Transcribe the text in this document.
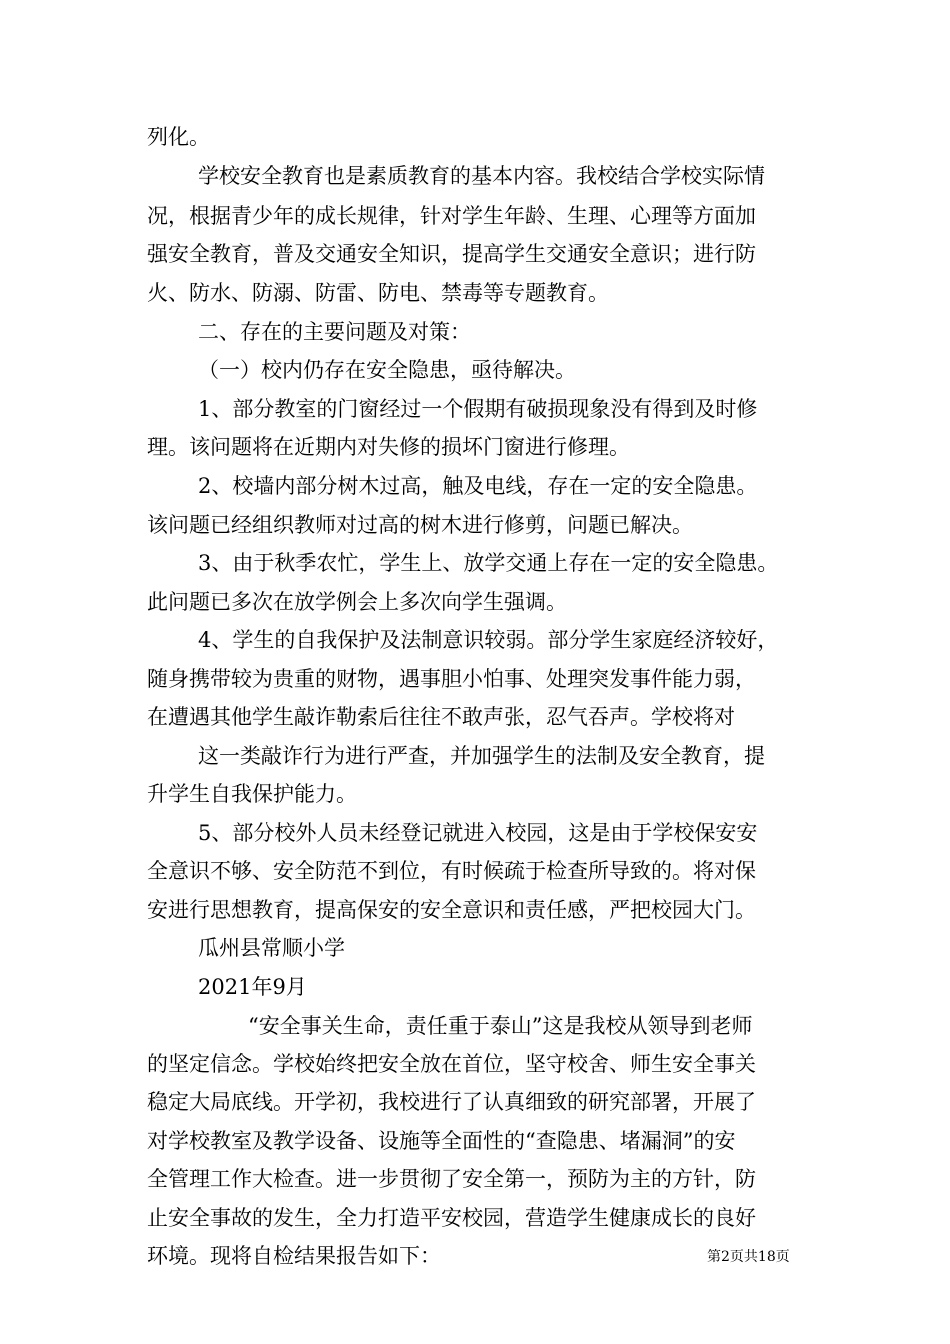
列化。
学校安全教育也是素质教育的基本内容。我校结合学校实际情
况，根据青少年的成长规律，针对学生年龄、生理、心理等方面加
强安全教育，普及交通安全知识，提高学生交通安全意识；进行防
火、防水、防溺、防雷、防电、禁毒等专题教育。
二、存在的主要问题及对策：
（一）校内仍存在安全隐患，亟待解决。
1、部分教室的门窗经过一个假期有破损现象没有得到及时修
理。该问题将在近期内对失修的损坏门窗进行修理。
2、校墙内部分树木过高，触及电线，存在一定的安全隐患。
该问题已经组织教师对过高的树木进行修剪，问题已解决。
3、由于秋季农忙，学生上、放学交通上存在一定的安全隐患。
此问题已多次在放学例会上多次向学生强调。
4、学生的自我保护及法制意识较弱。部分学生家庭经济较好，
随身携带较为贵重的财物，遇事胆小怕事、处理突发事件能力弱，
在遭遇其他学生敲诈勒索后往往不敢声张，忍气吞声。学校将对
这一类敲诈行为进行严查，并加强学生的法制及安全教育，提
升学生自我保护能力。
5、部分校外人员未经登记就进入校园，这是由于学校保安安
全意识不够、安全防范不到位，有时候疏于检查所导致的。将对保
安进行思想教育，提高保安的安全意识和责任感，严把校园大门。
瓜州县常顺小学
2021年9月
“安全事关生命，责任重于泰山”这是我校从领导到老师
的坚定信念。学校始终把安全放在首位，坚守校舍、师生安全事关
稳定大局底线。开学初，我校进行了认真细致的研究部署，开展了
对学校教室及教学设备、设施等全面性的“查隐患、堵漏洞”的安
全管理工作大检查。进一步贯彻了安全第一，预防为主的方针，防
止安全事故的发生，全力打造平安校园，营造学生健康成长的良好
环境。现将自检结果报告如下：	第2页共18页
